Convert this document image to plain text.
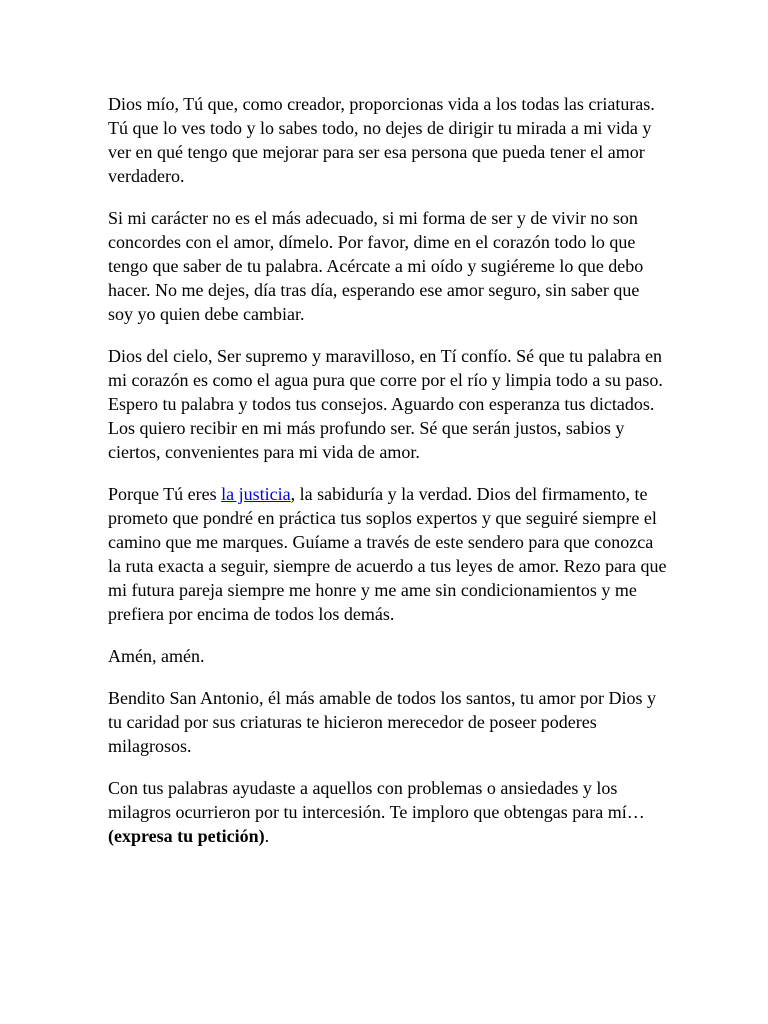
Dios mío, Tú que, como creador, proporcionas vida a los todas las criaturas. Tú que lo ves todo y lo sabes todo, no dejes de dirigir tu mirada a mi vida y ver en qué tengo que mejorar para ser esa persona que pueda tener el amor verdadero.

Si mi carácter no es el más adecuado, si mi forma de ser y de vivir no son concordes con el amor, dímelo. Por favor, dime en el corazón todo lo que tengo que saber de tu palabra. Acércate a mi oído y sugiéreme lo que debo hacer. No me dejes, día tras día, esperando ese amor seguro, sin saber que soy yo quien debe cambiar.

Dios del cielo, Ser supremo y maravilloso, en Tí confío. Sé que tu palabra en mi corazón es como el agua pura que corre por el río y limpia todo a su paso. Espero tu palabra y todos tus consejos. Aguardo con esperanza tus dictados. Los quiero recibir en mi más profundo ser. Sé que serán justos, sabios y ciertos, convenientes para mi vida de amor.

Porque Tú eres la justicia, la sabiduría y la verdad. Dios del firmamento, te prometo que pondré en práctica tus soplos expertos y que seguiré siempre el camino que me marques. Guíame a través de este sendero para que conozca la ruta exacta a seguir, siempre de acuerdo a tus leyes de amor. Rezo para que mi futura pareja siempre me honre y me ame sin condicionamientos y me prefiera por encima de todos los demás.

Amén, amén.

Bendito San Antonio, él más amable de todos los santos, tu amor por Dios y tu caridad por sus criaturas te hicieron merecedor de poseer poderes milagrosos.

Con tus palabras ayudaste a aquellos con problemas o ansiedades y los milagros ocurrieron por tu intercesión. Te imploro que obtengas para mí… (expresa tu petición).
